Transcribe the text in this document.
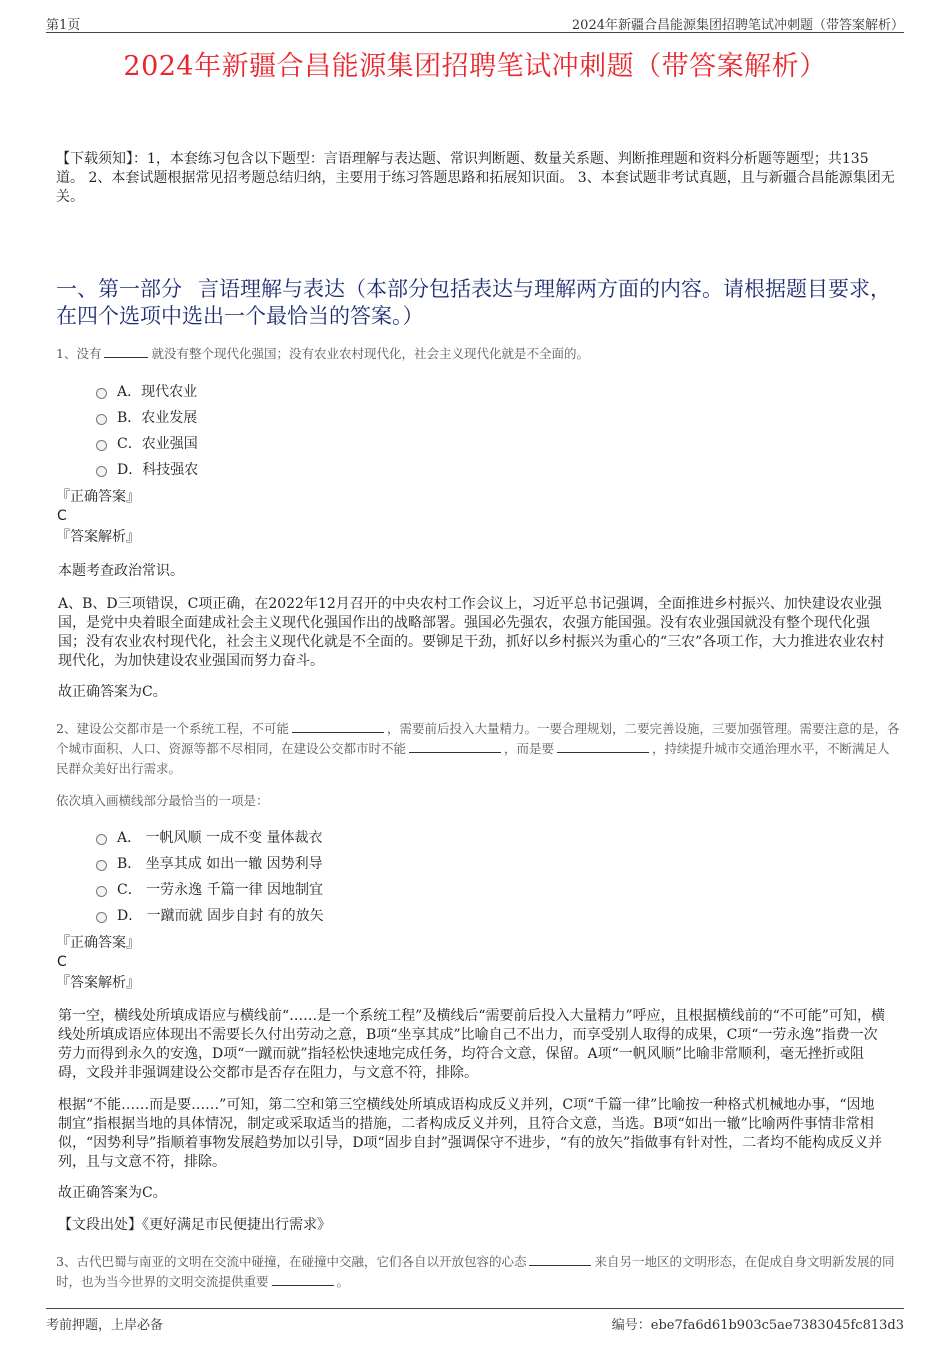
第1页	2024年新疆合昌能源集团招聘笔试冲刺题（带答案解析）
2024年新疆合昌能源集团招聘笔试冲刺题（带答案解析）
【下载须知】：1，本套练习包含以下题型：言语理解与表达题、常识判断题、数量关系题、判断推理题和资料分析题等题型；共135道。 2、本套试题根据常见招考题总结归纳，主要用于练习答题思路和拓展知识面。 3、本套试题非考试真题，且与新疆合昌能源集团无关。
一、第一部分 言语理解与表达（本部分包括表达与理解两方面的内容。请根据题目要求，在四个选项中选出一个最恰当的答案。）
1、没有	就没有整个现代化强国；没有农业农村现代化，社会主义现代化就是不全面的。
A．现代农业
B．农业发展
C．农业强国
D．科技强农
『正确答案』
C
『答案解析』
本题考查政治常识。
A、B、D三项错误，C项正确，在2022年12月召开的中央农村工作会议上，习近平总书记强调，全面推进乡村振兴、加快建设农业强国，是党中央着眼全面建成社会主义现代化强国作出的战略部署。强国必先强农，农强方能国强。没有农业强国就没有整个现代化强国；没有农业农村现代化，社会主义现代化就是不全面的。要铆足干劲，抓好以乡村振兴为重心的“三农”各项工作，大力推进农业农村现代化，为加快建设农业强国而努力奋斗。
故正确答案为C。
2、建设公交都市是一个系统工程，不可能	，需要前后投入大量精力。一要合理规划，二要完善设施，三要加强管理。需要注意的是，各个城市面积、人口、资源等都不尽相同，在建设公交都市时不能	，而是要	，持续提升城市交通治理水平，不断满足人民群众美好出行需求。
依次填入画横线部分最恰当的一项是：
A． 一帆风顺 一成不变 量体裁衣
B． 坐享其成 如出一辙 因势利导
C． 一劳永逸 千篇一律 因地制宜
D． 一蹴而就 固步自封 有的放矢
『正确答案』
C
『答案解析』
第一空，横线处所填成语应与横线前“……是一个系统工程”及横线后“需要前后投入大量精力”呼应，且根据横线前的“不可能”可知，横线处所填成语应体现出不需要长久付出劳动之意，B项“坐享其成”比喻自己不出力，而享受别人取得的成果，C项“一劳永逸”指费一次劳力而得到永久的安逸，D项“一蹴而就”指轻松快速地完成任务，均符合文意，保留。A项“一帆风顺”比喻非常顺利，毫无挫折或阻碍，文段并非强调建设公交都市是否存在阻力，与文意不符，排除。
根据“不能……而是要……”可知，第二空和第三空横线处所填成语构成反义并列，C项“千篇一律”比喻按一种格式机械地办事，“因地制宜”指根据当地的具体情况，制定或采取适当的措施，二者构成反义并列，且符合文意，当选。B项“如出一辙”比喻两件事情非常相似，“因势利导”指顺着事物发展趋势加以引导，D项“固步自封”强调保守不进步，“有的放矢”指做事有针对性，二者均不能构成反义并列，且与文意不符，排除。
故正确答案为C。
【文段出处】《更好满足市民便捷出行需求》
3、古代巴蜀与南亚的文明在交流中碰撞，在碰撞中交融，它们各自以开放包容的心态	来自另一地区的文明形态，在促成自身文明新发展的同时，也为当今世界的文明交流提供重要	。
考前押题，上岸必备	编号：ebe7fa6d61b903c5ae7383045fc813d3
